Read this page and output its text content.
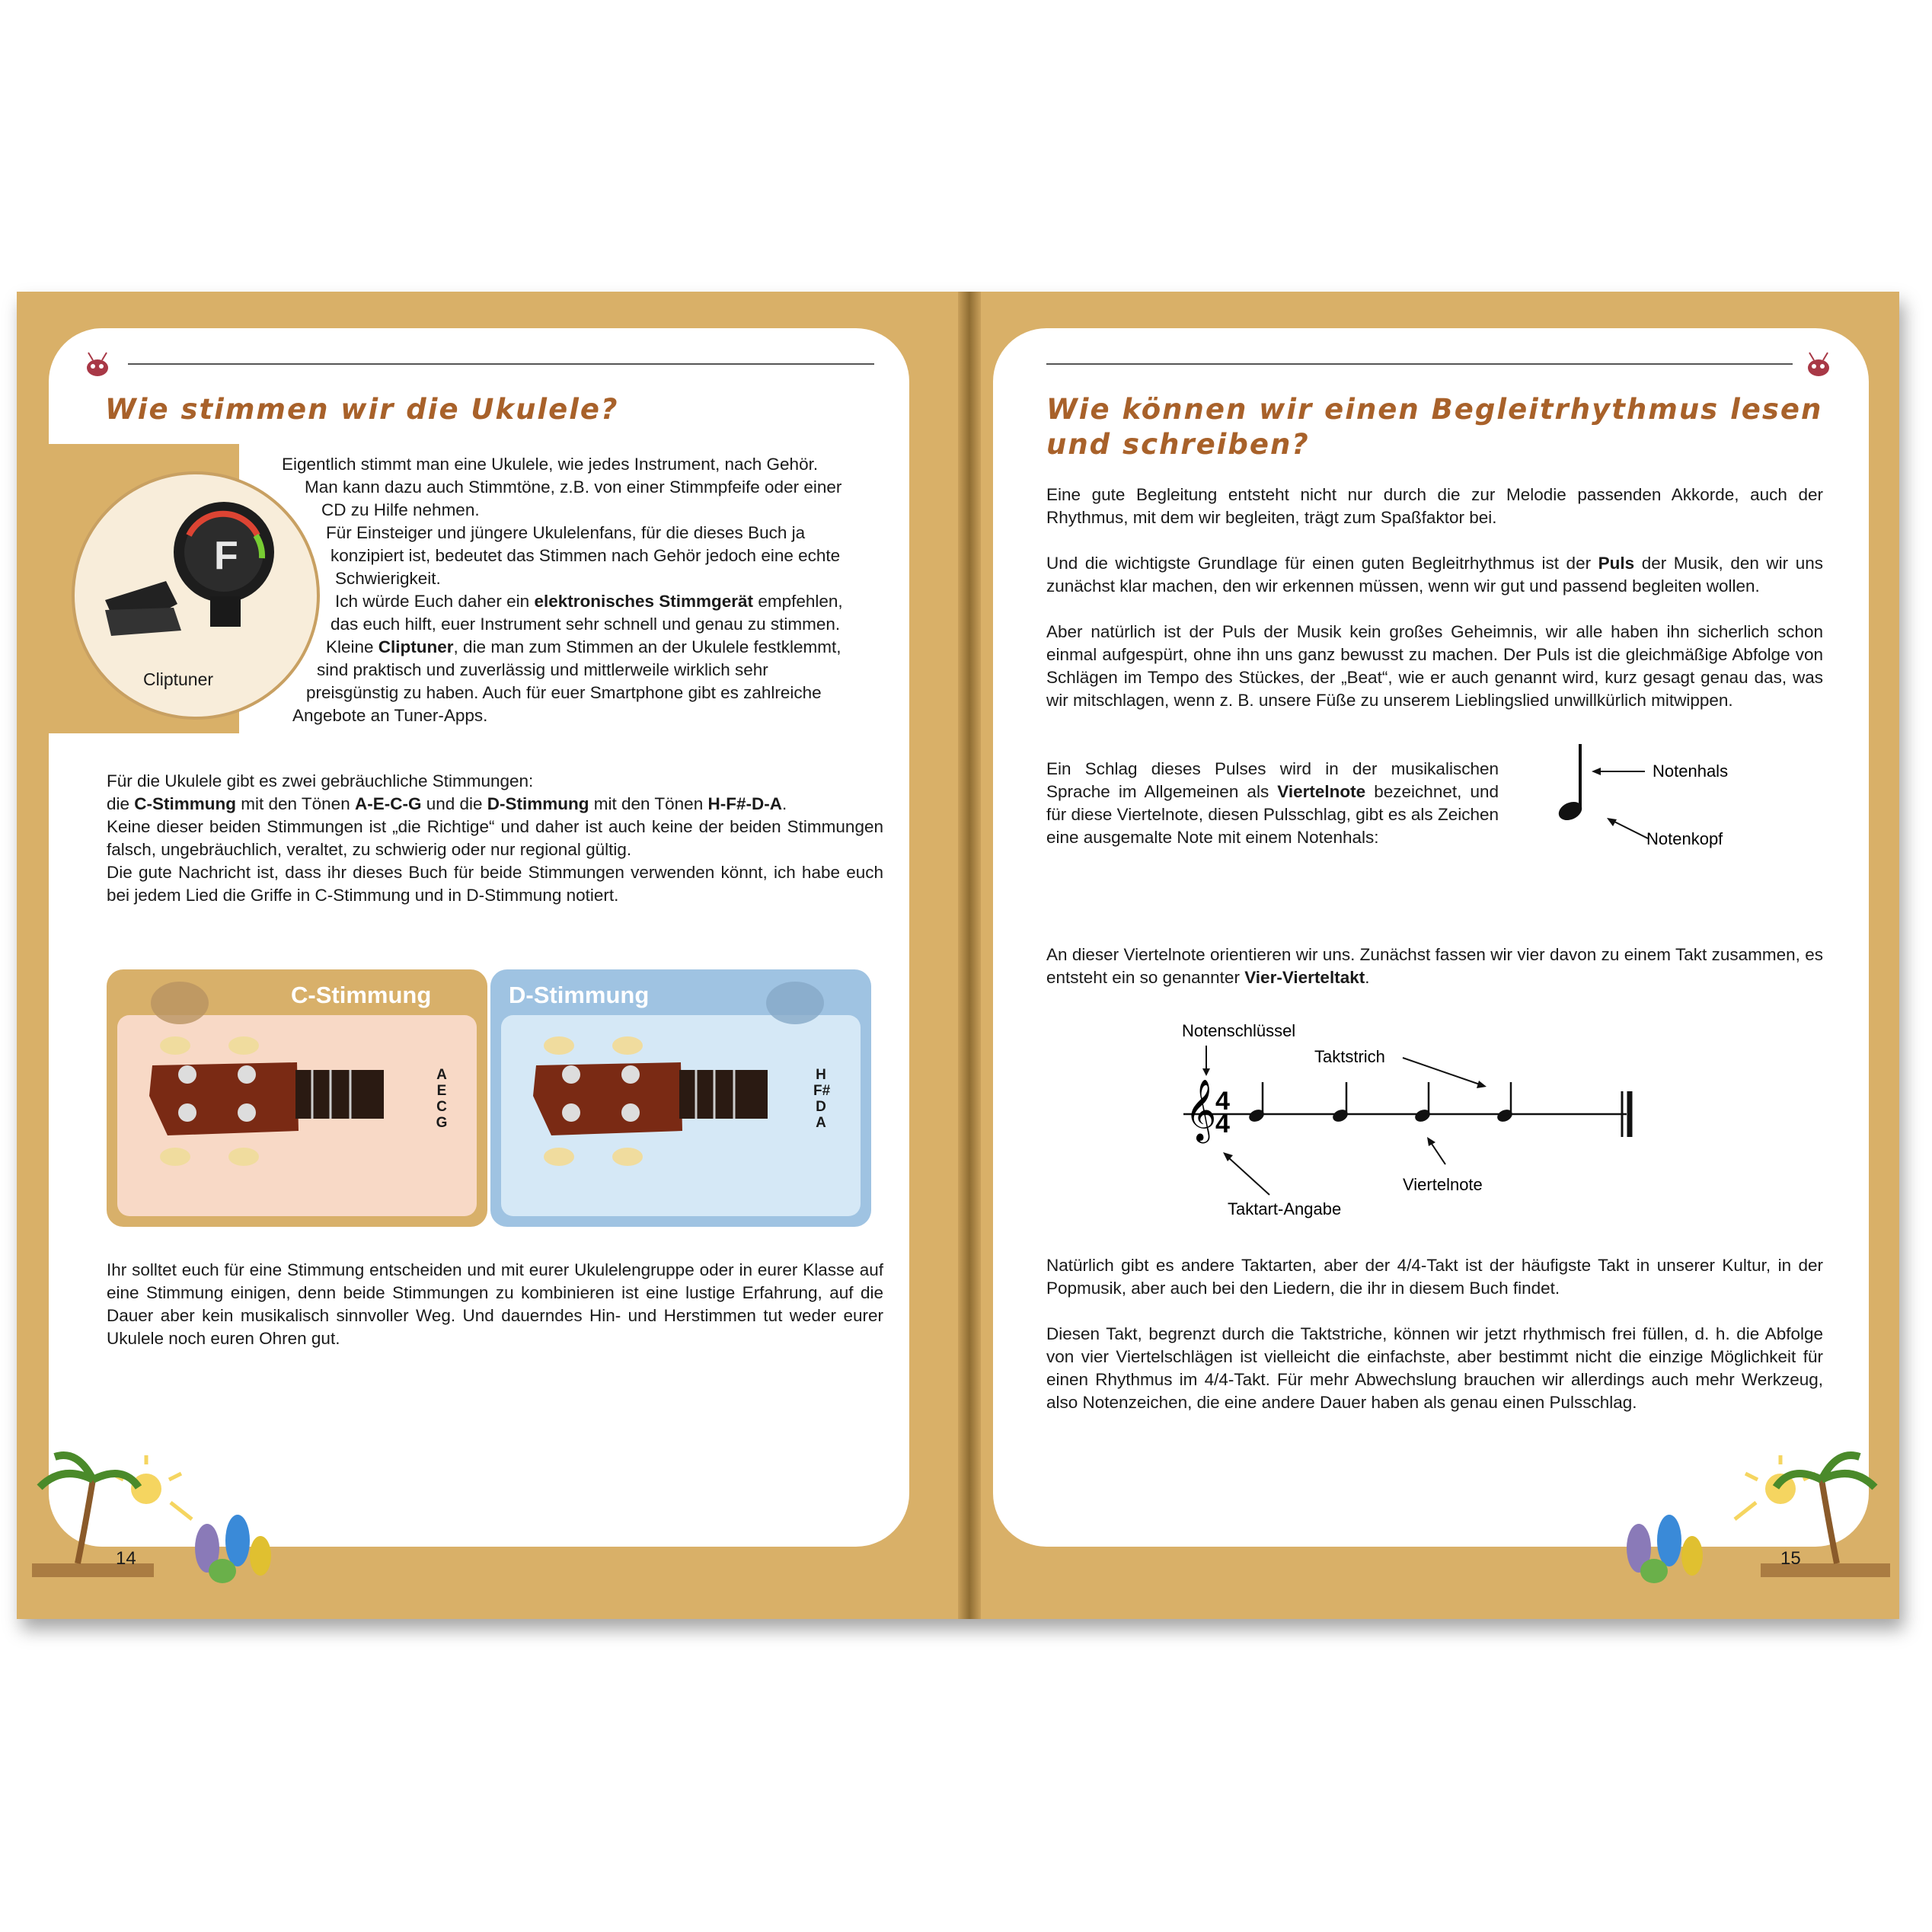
F
Cliptuner
Wie stimmen wir die Ukulele?
Eigentlich stimmt man eine Ukulele, wie jedes Instrument, nach Gehör.
Man kann dazu auch Stimmtöne, z.B. von einer Stimmpfeife oder einer
CD zu Hilfe nehmen.
Für Einsteiger und jüngere Ukulelenfans, für die dieses Buch ja
konzipiert ist, bedeutet das Stimmen nach Gehör jedoch eine echte
Schwierigkeit.
Ich würde Euch daher ein elektronisches Stimmgerät empfehlen,
das euch hilft, euer Instrument sehr schnell und genau zu stimmen.
Kleine Cliptuner, die man zum Stimmen an der Ukulele festklemmt,
sind praktisch und zuverlässig und mittlerweile wirklich sehr
preisgünstig zu haben. Auch für euer Smartphone gibt es zahlreiche
Angebote an Tuner-Apps.
Für die Ukulele gibt es zwei gebräuchliche Stimmungen:
die C-Stimmung mit den Tönen A-E-C-G und die D-Stimmung mit den Tönen H-F#-D-A.
Keine dieser beiden Stimmungen ist „die Richtige“ und daher ist auch keine der beiden Stimmungen falsch, ungebräuchlich, veraltet, zu schwierig oder nur regional gültig.
Die gute Nachricht ist, dass ihr dieses Buch für beide Stimmungen verwenden könnt, ich habe euch bei jedem Lied die Griffe in C-Stimmung und in D-Stimmung notiert.
C-Stimmung
A
E
C
G
D-Stimmung
H
F#
D
A
Ihr solltet euch für eine Stimmung entscheiden und mit eurer Ukulelengruppe oder in eurer Klasse auf eine Stimmung einigen, denn beide Stimmungen zu kombinieren ist eine lustige Erfahrung, auf die Dauer aber kein musikalisch sinnvoller Weg. Und dauerndes Hin- und Herstimmen tut weder eurer Ukulele noch euren Ohren gut.
14
Wie können wir einen Begleitrhythmus lesen
und schreiben?
Eine gute Begleitung entsteht nicht nur durch die zur Melodie passenden Akkorde, auch der Rhythmus, mit dem wir begleiten, trägt zum Spaßfaktor bei.
Und die wichtigste Grundlage für einen guten Begleitrhythmus ist der Puls der Musik, den wir uns zunächst klar machen, den wir erkennen müssen, wenn wir gut und passend begleiten wollen.
Aber natürlich ist der Puls der Musik kein großes Geheimnis, wir alle haben ihn sicherlich schon einmal aufgespürt, ohne ihn uns ganz bewusst zu machen. Der Puls ist die gleichmäßige Abfolge von Schlägen im Tempo des Stückes, der „Beat“, wie er auch genannt wird, kurz gesagt genau das, was wir mitschlagen, wenn z. B. unsere Füße zu unserem Lieblingslied unwillkürlich mitwippen.
Ein Schlag dieses Pulses wird in der musikalischen Sprache im Allgemeinen als Viertelnote bezeichnet, und für diese Viertelnote, diesen Pulsschlag, gibt es als Zeichen eine ausgemalte Note mit einem Notenhals:
Notenhals
Notenkopf
An dieser Viertelnote orientieren wir uns. Zunächst fassen wir vier davon zu einem Takt zusammen, es entsteht ein so genannter Vier-Vierteltakt.
Notenschlüssel
Taktstrich
𝄞
4
4
Taktart-Angabe
Viertelnote
Natürlich gibt es andere Taktarten, aber der 4/4-Takt ist der häufigste Takt in unserer Kultur, in der Popmusik, aber auch bei den Liedern, die ihr in diesem Buch findet.
Diesen Takt, begrenzt durch die Taktstriche, können wir jetzt rhythmisch frei füllen, d. h. die Abfolge von vier Viertelschlägen ist vielleicht die einfachste, aber bestimmt nicht die einzige Möglichkeit für einen Rhythmus im 4/4-Takt. Für mehr Abwechslung brauchen wir allerdings auch mehr Werkzeug, also Notenzeichen, die eine andere Dauer haben als genau einen Pulsschlag.
15
